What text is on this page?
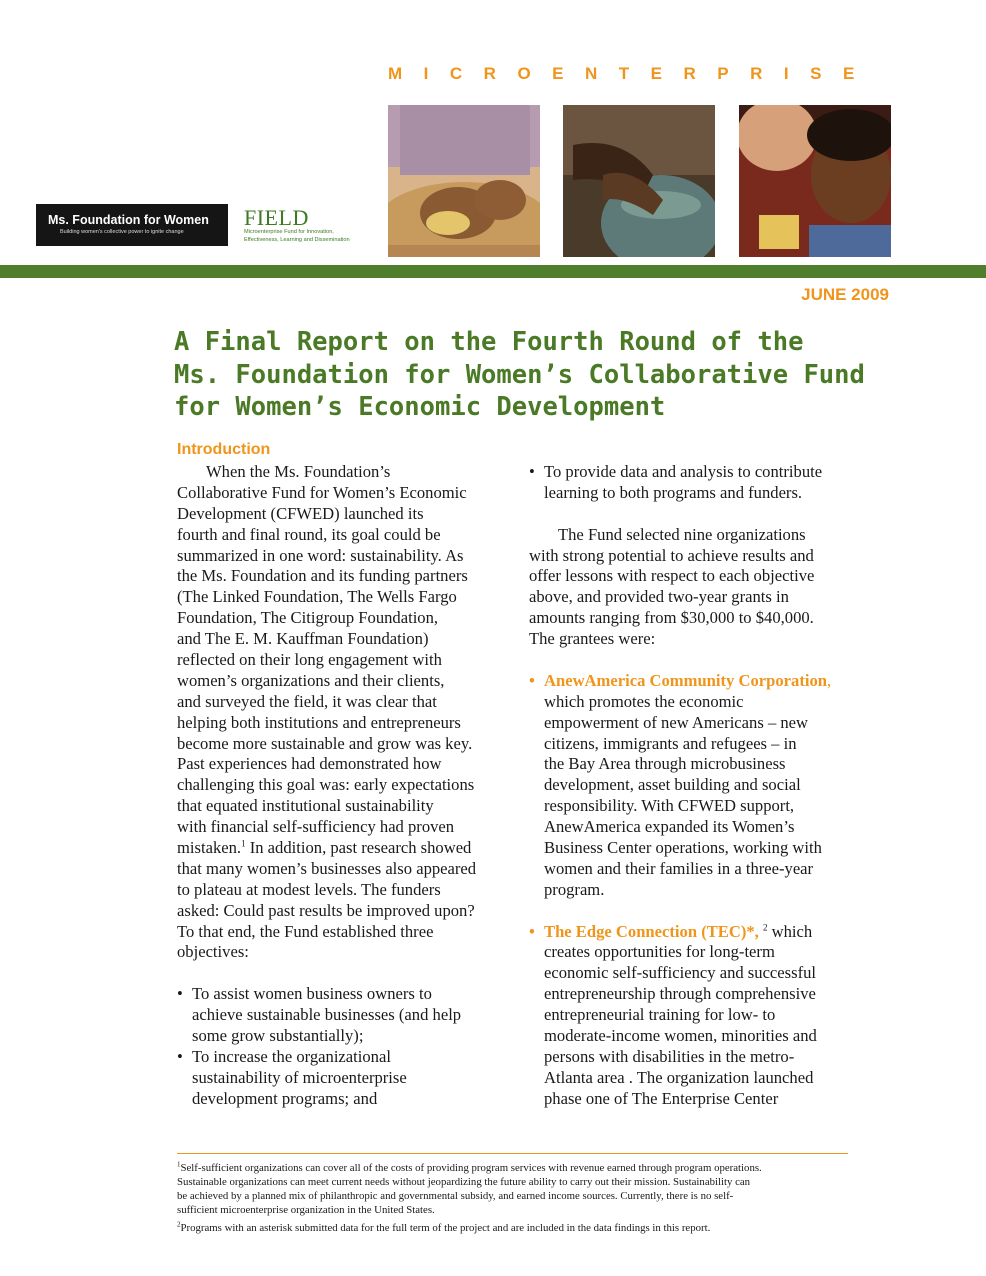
MICROENTERPRISE
Ms. Foundation for Women
Building women's collective power to ignite change
FIELD
Microenterprise Fund for Innovation,
Effectiveness, Learning and Dissemination
JUNE 2009
A Final Report on the Fourth Round of the
Ms. Foundation for Women’s Collaborative Fund
for Women’s Economic Development
Introduction
When the Ms. Foundation’s
Collaborative Fund for Women’s Economic
Development (CFWED) launched its
fourth and final round, its goal could be
summarized in one word: sustainability. As
the Ms. Foundation and its funding partners
(The Linked Foundation, The Wells Fargo
Foundation, The Citigroup Foundation,
and The E. M. Kauffman Foundation)
reflected on their long engagement with
women’s organizations and their clients,
and surveyed the field, it was clear that
helping both institutions and entrepreneurs
become more sustainable and grow was key.
Past experiences had demonstrated how
challenging this goal was: early expectations
that equated institutional sustainability
with financial self-sufficiency had proven
mistaken.$^1$ In addition, past research showed
that many women’s businesses also appeared
to plateau at modest levels. The funders
asked: Could past results be improved upon?
To that end, the Fund established three
objectives:
• To assist women business owners to
achieve sustainable businesses (and help
some grow substantially);
• To increase the organizational
sustainability of microenterprise
development programs; and
• To provide data and analysis to contribute
learning to both programs and funders.
The Fund selected nine organizations
with strong potential to achieve results and
offer lessons with respect to each objective
above, and provided two-year grants in
amounts ranging from $30,000 to $40,000.
The grantees were:
• AnewAmerica Community Corporation,
which promotes the economic
empowerment of new Americans – new
citizens, immigrants and refugees – in
the Bay Area through microbusiness
development, asset building and social
responsibility. With CFWED support,
AnewAmerica expanded its Women’s
Business Center operations, working with
women and their families in a three-year
program.
• The Edge Connection (TEC)*, $^2$ which
creates opportunities for long-term
economic self-sufficiency and successful
entrepreneurship through comprehensive
entrepreneurial training for low- to
moderate-income women, minorities and
persons with disabilities in the metro-
Atlanta area . The organization launched
phase one of The Enterprise Center
$^1$Self-sufficient organizations can cover all of the costs of providing program services with revenue earned through program operations.
Sustainable organizations can meet current needs without jeopardizing the future ability to carry out their mission. Sustainability can
be achieved by a planned mix of philanthropic and governmental subsidy, and earned income sources. Currently, there is no self-
sufficient microenterprise organization in the United States.
$^2$Programs with an asterisk submitted data for the full term of the project and are included in the data findings in this report.
